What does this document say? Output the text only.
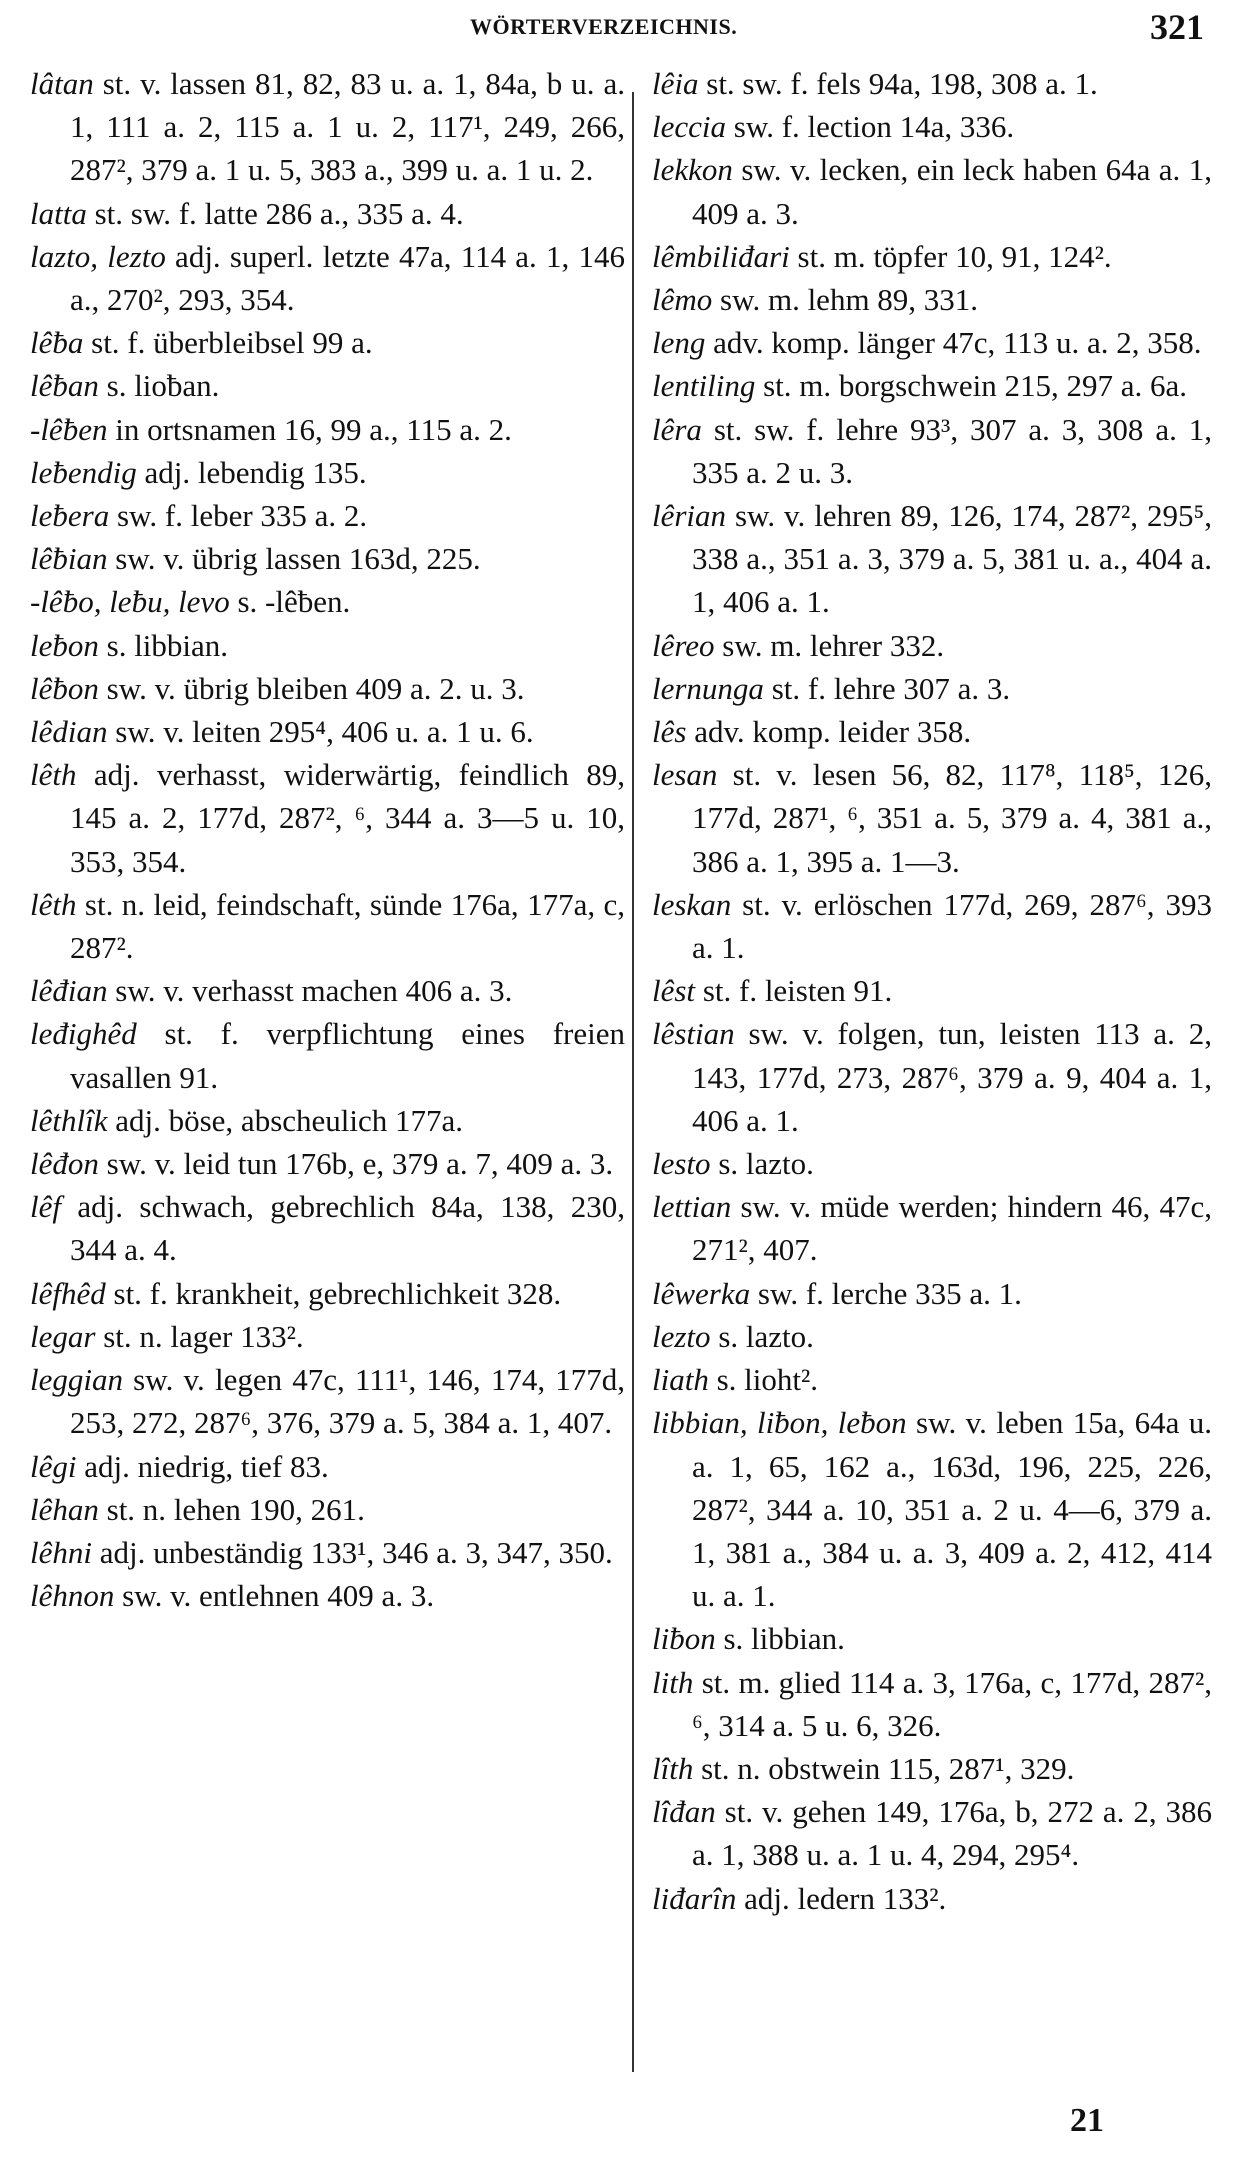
WÖRTERVERZEICHNIS.	321

lâtan st. v. lassen 81, 82, 83 u. a. 1, 84a, b u. a. 1, 111 a. 2, 115 a. 1 u. 2, 117¹, 249, 266, 287², 379 a. 1 u. 5, 383 a., 399 u. a. 1 u. 2.

latta st. sw. f. latte 286 a., 335 a. 4.

lazto, lezto adj. superl. letzte 47a, 114 a. 1, 146 a., 270², 293, 354.

lêƀa st. f. überbleibsel 99 a.

lêƀan s. lioƀan.

-lêƀen in ortsnamen 16, 99 a., 115 a. 2.

leƀendig adj. lebendig 135.

leƀera sw. f. leber 335 a. 2.

lêƀian sw. v. übrig lassen 163d, 225.

-lêƀo, leƀu, levo s. -lêƀen.

leƀon s. libbian.

lêƀon sw. v. übrig bleiben 409 a. 2. u. 3.

lêdian sw. v. leiten 295⁴, 406 u. a. 1 u. 6.

lêth adj. verhasst, widerwärtig, feindlich 89, 145 a. 2, 177d, 287², ⁶, 344 a. 3—5 u. 10, 353, 354.

lêth st. n. leid, feindschaft, sünde 176a, 177a, c, 287².

lêđian sw. v. verhasst machen 406 a. 3.

leđighêd st. f. verpflichtung eines freien vasallen 91.

lêthlîk adj. böse, abscheulich 177a.

lêđon sw. v. leid tun 176b, e, 379 a. 7, 409 a. 3.

lêf adj. schwach, gebrechlich 84a, 138, 230, 344 a. 4.

lêfhêd st. f. krankheit, gebrechlichkeit 328.

legar st. n. lager 133².

leggian sw. v. legen 47c, 111¹, 146, 174, 177d, 253, 272, 287⁶, 376, 379 a. 5, 384 a. 1, 407.

lêgi adj. niedrig, tief 83.

lêhan st. n. lehen 190, 261.

lêhni adj. unbeständig 133¹, 346 a. 3, 347, 350.

lêhnon sw. v. entlehnen 409 a. 3.

lêia st. sw. f. fels 94a, 198, 308 a. 1.

leccia sw. f. lection 14a, 336.

lekkon sw. v. lecken, ein leck haben 64a a. 1, 409 a. 3.

lêmbiliđari st. m. töpfer 10, 91, 124².

lêmo sw. m. lehm 89, 331.

leng adv. komp. länger 47c, 113 u. a. 2, 358.

lentiling st. m. borgschwein 215, 297 a. 6a.

lêra st. sw. f. lehre 93³, 307 a. 3, 308 a. 1, 335 a. 2 u. 3.

lêrian sw. v. lehren 89, 126, 174, 287², 295⁵, 338 a., 351 a. 3, 379 a. 5, 381 u. a., 404 a. 1, 406 a. 1.

lêreo sw. m. lehrer 332.

lernunga st. f. lehre 307 a. 3.

lês adv. komp. leider 358.

lesan st. v. lesen 56, 82, 117⁸, 118⁵, 126, 177d, 287¹, ⁶, 351 a. 5, 379 a. 4, 381 a., 386 a. 1, 395 a. 1—3.

leskan st. v. erlöschen 177d, 269, 287⁶, 393 a. 1.

lêst st. f. leisten 91.

lêstian sw. v. folgen, tun, leisten 113 a. 2, 143, 177d, 273, 287⁶, 379 a. 9, 404 a. 1, 406 a. 1.

lesto s. lazto.

lettian sw. v. müde werden; hindern 46, 47c, 271², 407.

lêwerka sw. f. lerche 335 a. 1.

lezto s. lazto.

liath s. lioht².

libbian, liƀon, leƀon sw. v. leben 15a, 64a u. a. 1, 65, 162 a., 163d, 196, 225, 226, 287², 344 a. 10, 351 a. 2 u. 4—6, 379 a. 1, 381 a., 384 u. a. 3, 409 a. 2, 412, 414 u. a. 1.

liƀon s. libbian.

lith st. m. glied 114 a. 3, 176a, c, 177d, 287², ⁶, 314 a. 5 u. 6, 326.

lîth st. n. obstwein 115, 287¹, 329.

lîđan st. v. gehen 149, 176a, b, 272 a. 2, 386 a. 1, 388 u. a. 1 u. 4, 294, 295⁴.

liđarîn adj. ledern 133².

21
